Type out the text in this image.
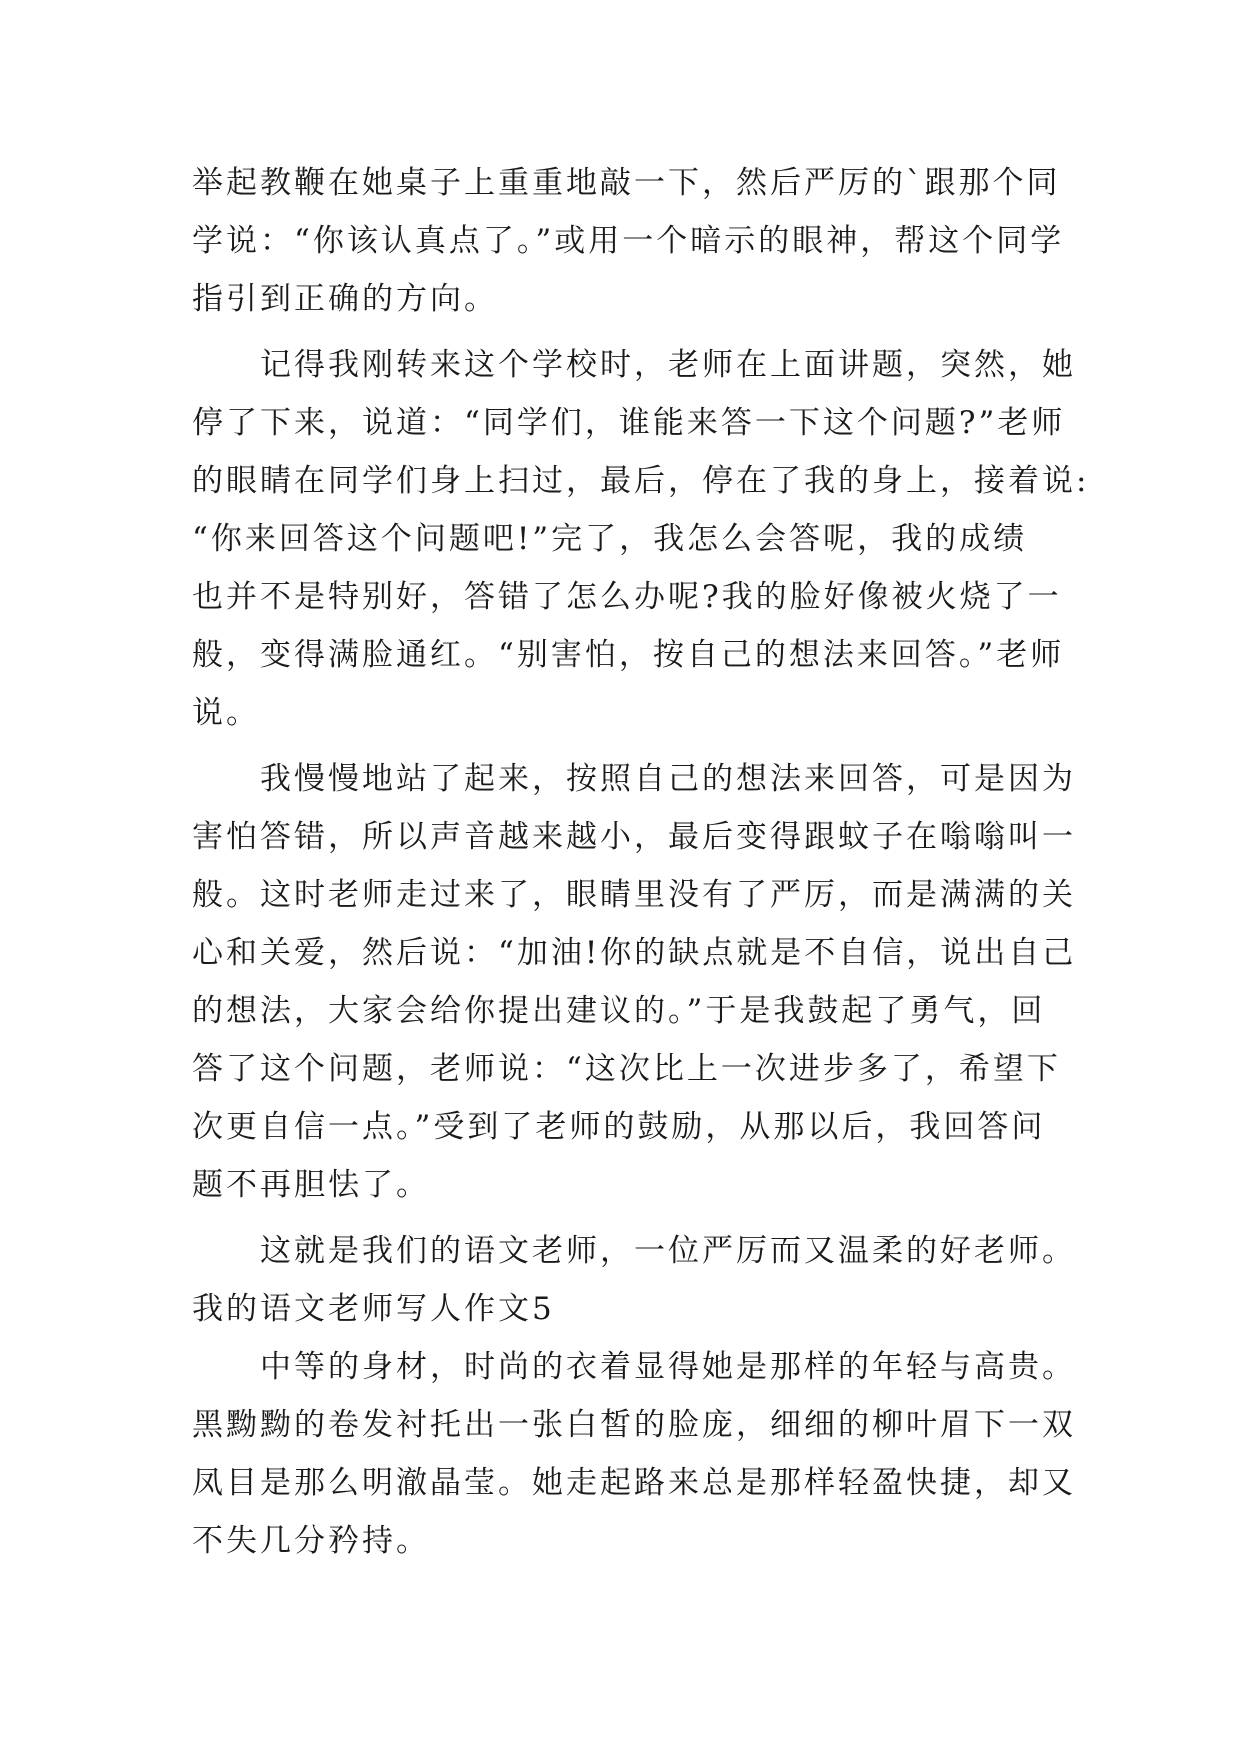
举起教鞭在她桌子上重重地敲一下，然后严厉的`跟那个同
学说：“你该认真点了。”或用一个暗示的眼神，帮这个同学
指引到正确的方向。
　　记得我刚转来这个学校时，老师在上面讲题，突然，她
停了下来，说道：“同学们，谁能来答一下这个问题?”老师
的眼睛在同学们身上扫过，最后，停在了我的身上，接着说:
“你来回答这个问题吧!”完了，我怎么会答呢，我的成绩
也并不是特别好，答错了怎么办呢?我的脸好像被火烧了一
般，变得满脸通红。“别害怕，按自己的想法来回答。”老师
说。
　　我慢慢地站了起来，按照自己的想法来回答，可是因为
害怕答错，所以声音越来越小，最后变得跟蚊子在嗡嗡叫一
般。这时老师走过来了，眼睛里没有了严厉，而是满满的关
心和关爱，然后说：“加油!你的缺点就是不自信，说出自己
的想法，大家会给你提出建议的。”于是我鼓起了勇气，回
答了这个问题，老师说：“这次比上一次进步多了，希望下
次更自信一点。”受到了老师的鼓励，从那以后，我回答问
题不再胆怯了。
　　这就是我们的语文老师，一位严厉而又温柔的好老师。
我的语文老师写人作文5
　　中等的身材，时尚的衣着显得她是那样的年轻与高贵。
黑黝黝的卷发衬托出一张白皙的脸庞，细细的柳叶眉下一双
凤目是那么明澈晶莹。她走起路来总是那样轻盈快捷，却又
不失几分矜持。
